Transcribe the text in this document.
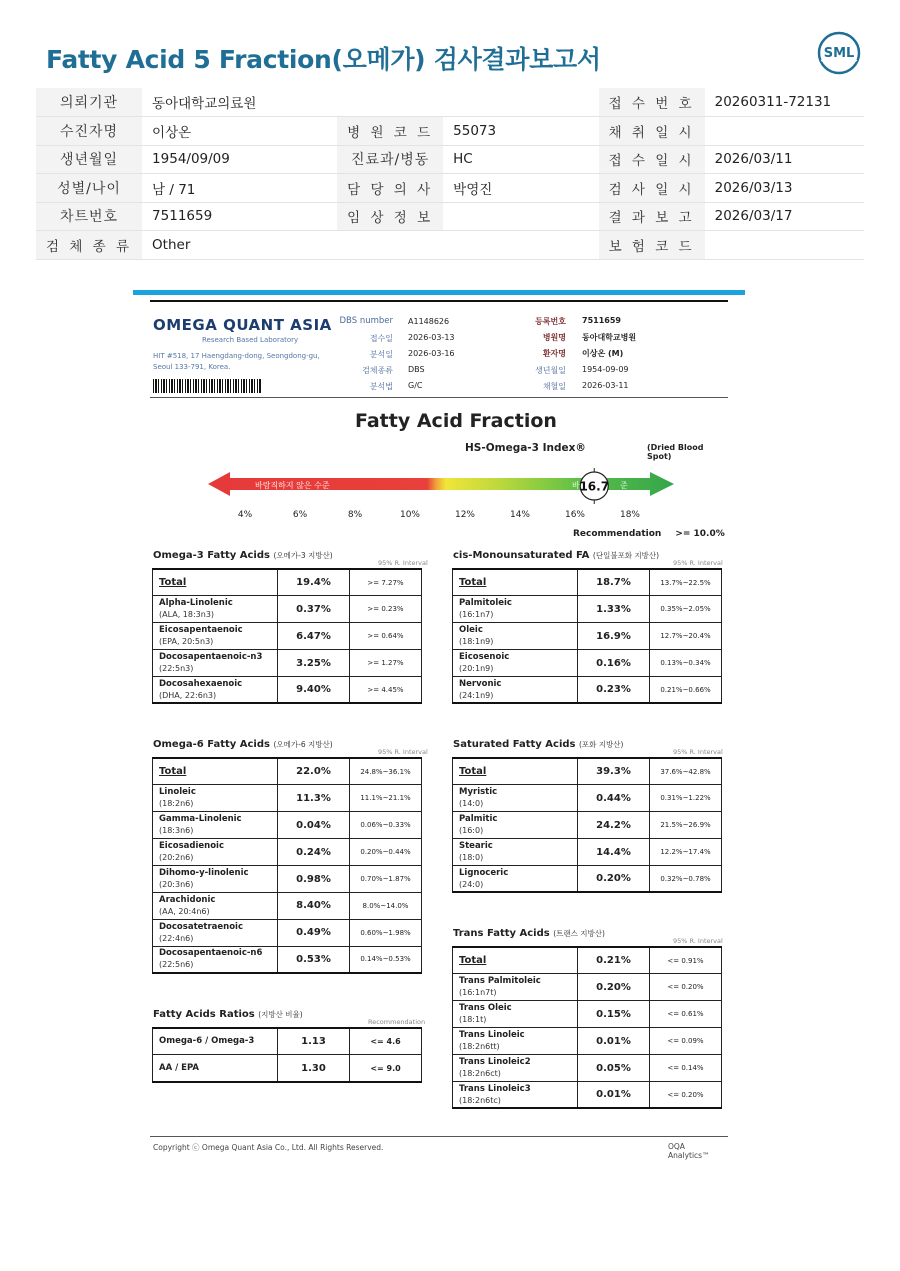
Fatty Acid 5 Fraction(오메가) 검사결과보고서	SML
의뢰기관	동아대학교의료원			접 수 번 호	20260311-72131
수진자명	이상온	병 원 코 드	55073	채 취 일 시	
생년월일	1954/09/09	진료과/병동	HC	접 수 일 시	2026/03/11
성별/나이	남 / 71	담 당 의 사	박영진	검 사 일 시	2026/03/13
차트번호	7511659	임 상 정 보		결 과 보 고	2026/03/17
검 체 종 류	Other			보 험 코 드	
OMEGA QUANT ASIA
Research Based Laboratory
HIT #518, 17 Haengdang-dong, Seongdong-gu, Seoul 133-791, Korea.
DBS number A1148626
접수일 2026-03-13
분석일 2026-03-16
검체종류 DBS
분석법 G/C
등록번호 7511659
병원명 동아대학교병원
환자명 이상온 (M)
생년월일 1954-09-09
채혈일 2026-03-11
Fatty Acid Fraction
HS-Omega-3 Index®	(Dried Blood Spot)
바람직하지 않은 수준	바	준
4%	6%	8%	10%	12%	14%	16%	18%
16.7
Recommendation >= 10.0%
Omega-3 Fatty Acids (오메가-3 지방산)
95% R. Interval
Total	19.4%	>= 7.27%
Alpha-Linolenic
(ALA, 18:3n3)	0.37%	>= 0.23%
Eicosapentaenoic
(EPA, 20:5n3)	6.47%	>= 0.64%
Docosapentaenoic-n3
(22:5n3)	3.25%	>= 1.27%
Docosahexaenoic
(DHA, 22:6n3)	9.40%	>= 4.45%
cis-Monounsaturated FA (단일불포화 지방산)
95% R. Interval
Total	18.7%	13.7%~22.5%
Palmitoleic
(16:1n7)	1.33%	0.35%~2.05%
Oleic
(18:1n9)	16.9%	12.7%~20.4%
Eicosenoic
(20:1n9)	0.16%	0.13%~0.34%
Nervonic
(24:1n9)	0.23%	0.21%~0.66%
Omega-6 Fatty Acids (오메가-6 지방산)
95% R. Interval
Total	22.0%	24.8%~36.1%
Linoleic
(18:2n6)	11.3%	11.1%~21.1%
Gamma-Linolenic
(18:3n6)	0.04%	0.06%~0.33%
Eicosadienoic
(20:2n6)	0.24%	0.20%~0.44%
Dihomo-y-linolenic
(20:3n6)	0.98%	0.70%~1.87%
Arachidonic
(AA, 20:4n6)	8.40%	8.0%~14.0%
Docosatetraenoic
(22:4n6)	0.49%	0.60%~1.98%
Docosapentaenoic-n6
(22:5n6)	0.53%	0.14%~0.53%
Saturated Fatty Acids (포화 지방산)
95% R. Interval
Total	39.3%	37.6%~42.8%
Myristic
(14:0)	0.44%	0.31%~1.22%
Palmitic
(16:0)	24.2%	21.5%~26.9%
Stearic
(18:0)	14.4%	12.2%~17.4%
Lignoceric
(24:0)	0.20%	0.32%~0.78%
Trans Fatty Acids (트랜스 지방산)
95% R. Interval
Total	0.21%	<= 0.91%
Trans Palmitoleic
(16:1n7t)	0.20%	<= 0.20%
Trans Oleic
(18:1t)	0.15%	<= 0.61%
Trans Linoleic
(18:2n6tt)	0.01%	<= 0.09%
Trans Linoleic2
(18:2n6ct)	0.05%	<= 0.14%
Trans Linoleic3
(18:2n6tc)	0.01%	<= 0.20%
Fatty Acids Ratios (지방산 비율)
Recommendation
Omega-6 / Omega-3	1.13	<= 4.6
AA / EPA	1.30	<= 9.0
Copyright ⓒ Omega Quant Asia Co., Ltd. All Rights Reserved.	OQA Analytics™
